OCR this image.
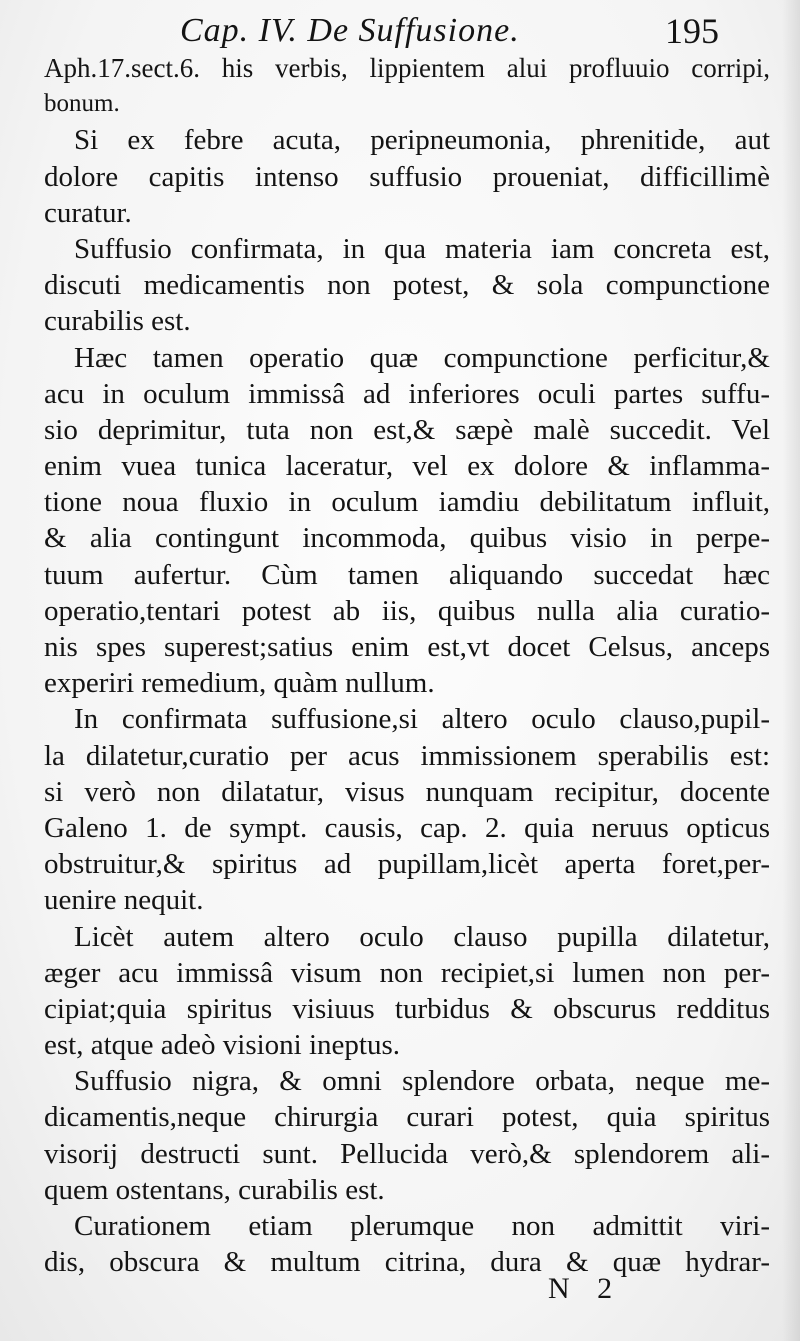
Cap. IV. De Suffusione.	195
Aph.17.sect.6. his verbis, lippientem alui profluuio corripi,
bonum.
Si ex febre acuta, peripneumonia, phrenitide, aut
dolore capitis intenso suffusio proueniat, difficillimè
curatur.
Suffusio confirmata, in qua materia iam concreta est,
discuti medicamentis non potest, & sola compunctione
curabilis est.
Hæc tamen operatio quæ compunctione perficitur,&
acu in oculum immissâ ad inferiores oculi partes suffu-
sio deprimitur, tuta non est,& sæpè malè succedit. Vel
enim vuea tunica laceratur, vel ex dolore & inflamma-
tione noua fluxio in oculum iamdiu debilitatum influit,
& alia contingunt incommoda, quibus visio in perpe-
tuum aufertur. Cùm tamen aliquando succedat hæc
operatio,tentari potest ab iis, quibus nulla alia curatio-
nis spes superest;satius enim est,vt docet Celsus, anceps
experiri remedium, quàm nullum.
In confirmata suffusione,si altero oculo clauso,pupil-
la dilatetur,curatio per acus immissionem sperabilis est:
si verò non dilatatur, visus nunquam recipitur, docente
Galeno 1. de sympt. causis, cap. 2. quia neruus opticus
obstruitur,& spiritus ad pupillam,licèt aperta foret,per-
uenire nequit.
Licèt autem altero oculo clauso pupilla dilatetur,
æger acu immissâ visum non recipiet,si lumen non per-
cipiat;quia spiritus visiuus turbidus & obscurus redditus
est, atque adeò visioni ineptus.
Suffusio nigra, & omni splendore orbata, neque me-
dicamentis,neque chirurgia curari potest, quia spiritus
visorij destructi sunt. Pellucida verò,& splendorem ali-
quem ostentans, curabilis est.
Curationem etiam plerumque non admittit viri-
dis, obscura & multum citrina, dura & quæ hydrar-
N 2
